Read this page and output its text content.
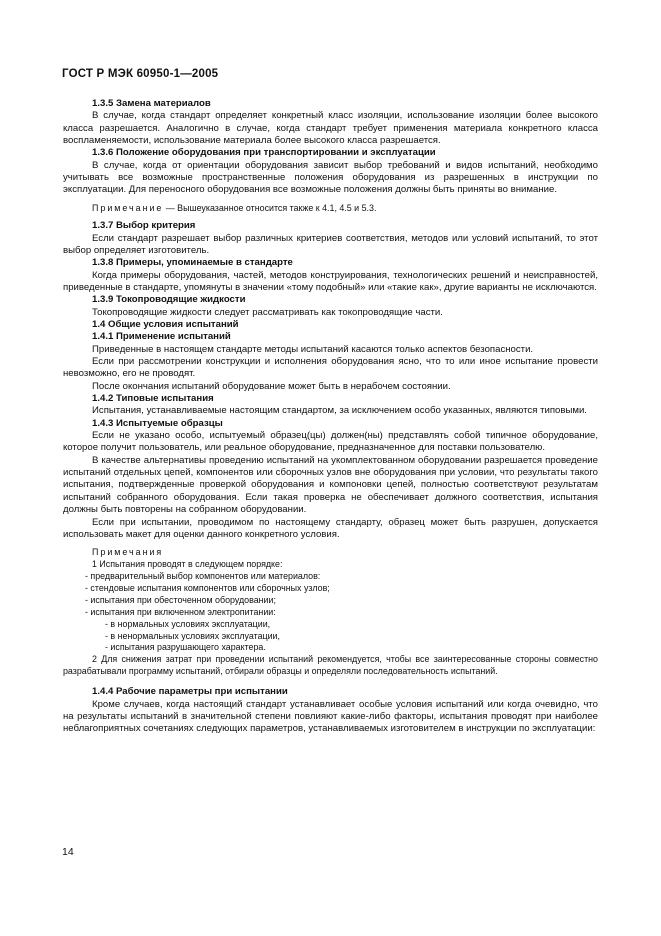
ГОСТ Р МЭК 60950-1—2005

1.3.5 Замена материалов

В случае, когда стандарт определяет конкретный класс изоляции, использование изоляции более высокого класса разрешается. Аналогично в случае, когда стандарт требует применения материала конкретного класса воспламеняемости, использование материала более высокого класса разрешается.

1.3.6 Положение оборудования при транспортировании и эксплуатации

В случае, когда от ориентации оборудования зависит выбор требований и видов испытаний, необходимо учитывать все возможные пространственные положения оборудования из разрешенных в инструкции по эксплуатации. Для переносного оборудования все возможные положения должны быть приняты во внимание.

Примечание — Вышеуказанное относится также к 4.1, 4.5 и 5.3.

1.3.7 Выбор критерия

Если стандарт разрешает выбор различных критериев соответствия, методов или условий испытаний, то этот выбор определяет изготовитель.

1.3.8 Примеры, упоминаемые в стандарте

Когда примеры оборудования, частей, методов конструирования, технологических решений и неисправностей, приведенные в стандарте, упомянуты в значении «тому подобный» или «такие как», другие варианты не исключаются.

1.3.9 Токопроводящие жидкости

Токопроводящие жидкости следует рассматривать как токопроводящие части.

1.4 Общие условия испытаний

1.4.1 Применение испытаний

Приведенные в настоящем стандарте методы испытаний касаются только аспектов безопасности.

Если при рассмотрении конструкции и исполнения оборудования ясно, что то или иное испытание провести невозможно, его не проводят.

После окончания испытаний оборудование может быть в нерабочем состоянии.

1.4.2 Типовые испытания

Испытания, устанавливаемые настоящим стандартом, за исключением особо указанных, являются типовыми.

1.4.3 Испытуемые образцы

Если не указано особо, испытуемый образец(цы) должен(ны) представлять собой типичное оборудование, которое получит пользователь, или реальное оборудование, предназначенное для поставки пользователю.

В качестве альтернативы проведению испытаний на укомплектованном оборудовании разрешается проведение испытаний отдельных цепей, компонентов или сборочных узлов вне оборудования при условии, что результаты такого испытания, подтвержденные проверкой оборудования и компоновки цепей, полностью соответствуют результатам испытаний собранного оборудования. Если такая проверка не обеспечивает должного соответствия, испытания должны быть повторены на собранном оборудовании.

Если при испытании, проводимом по настоящему стандарту, образец может быть разрушен, допускается использовать макет для оценки данного конкретного условия.

Примечания

1 Испытания проводят в следующем порядке:

- предварительный выбор компонентов или материалов:

- стендовые испытания компонентов или сборочных узлов;

- испытания при обесточенном оборудовании;

- испытания при включенном электропитании:

- в нормальных условиях эксплуатации,

- в ненормальных условиях эксплуатации,

- испытания разрушающего характера.

2 Для снижения затрат при проведении испытаний рекомендуется, чтобы все заинтересованные стороны совместно разрабатывали программу испытаний, отбирали образцы и определяли последовательность испытаний.

1.4.4 Рабочие параметры при испытании

Кроме случаев, когда настоящий стандарт устанавливает особые условия испытаний или когда очевидно, что на результаты испытаний в значительной степени повлияют какие-либо факторы, испытания проводят при наиболее неблагоприятных сочетаниях следующих параметров, устанавливаемых изготовителем в инструкции по эксплуатации:

14
